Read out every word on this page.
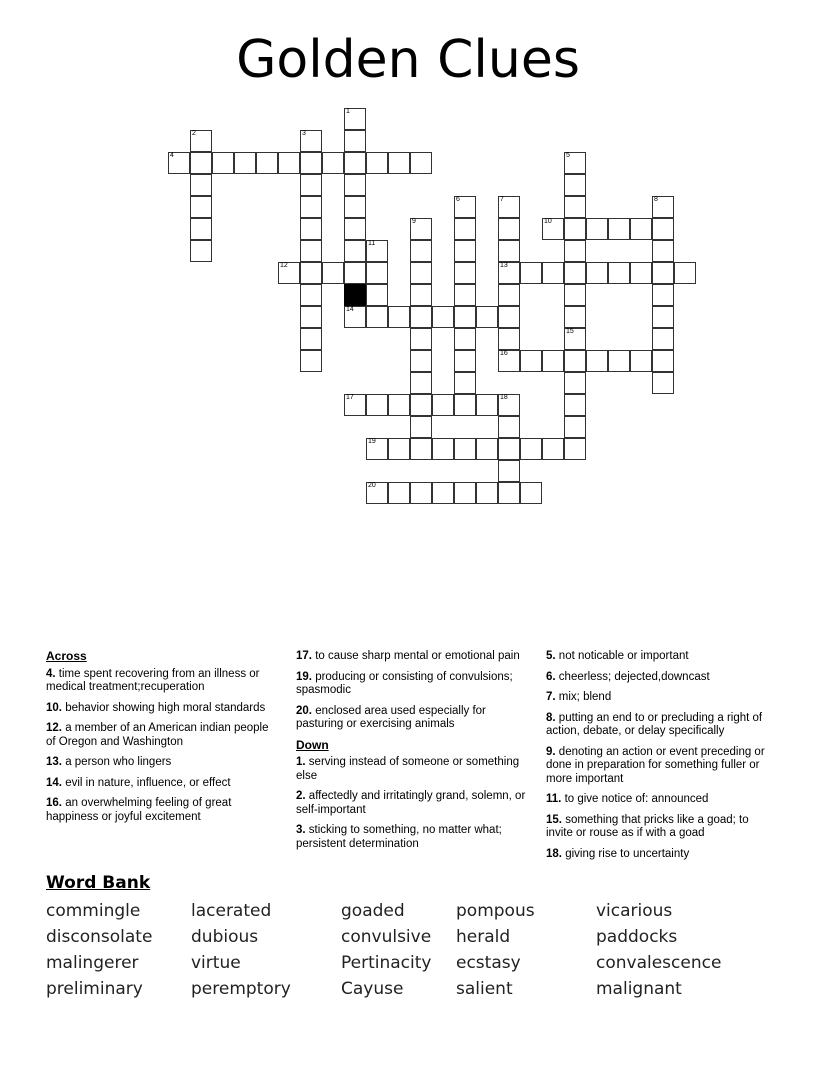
Golden Clues
1
2	3
4	5
6	7	8
9	10
11
12	13
14
15
16
17	18
19
20
Across
4. time spent recovering from an illness or medical treatment;recuperation
10. behavior showing high moral standards
12. a member of an American indian people of Oregon and Washington
13. a person who lingers
14. evil in nature, influence, or effect
16. an overwhelming feeling of great happiness or joyful excitement
17. to cause sharp mental or emotional pain
19. producing or consisting of convulsions; spasmodic
20. enclosed area used especially for pasturing or exercising animals
Down
1. serving instead of someone or something else
2. affectedly and irritatingly grand, solemn, or self-important
3. sticking to something, no matter what; persistent determination
5. not noticable or important
6. cheerless; dejected,downcast
7. mix; blend
8. putting an end to or precluding a right of action, debate, or delay specifically
9. denoting an action or event preceding or done in preparation for something fuller or more important
11. to give notice of: announced
15. something that pricks like a goad; to invite or rouse as if with a goad
18. giving rise to uncertainty
Word Bank
commingle	lacerated	goaded	pompous	vicarious
disconsolate	dubious	convulsive	herald	paddocks
malingerer	virtue	Pertinacity	ecstasy	convalescence
preliminary	peremptory	Cayuse	salient	malignant
